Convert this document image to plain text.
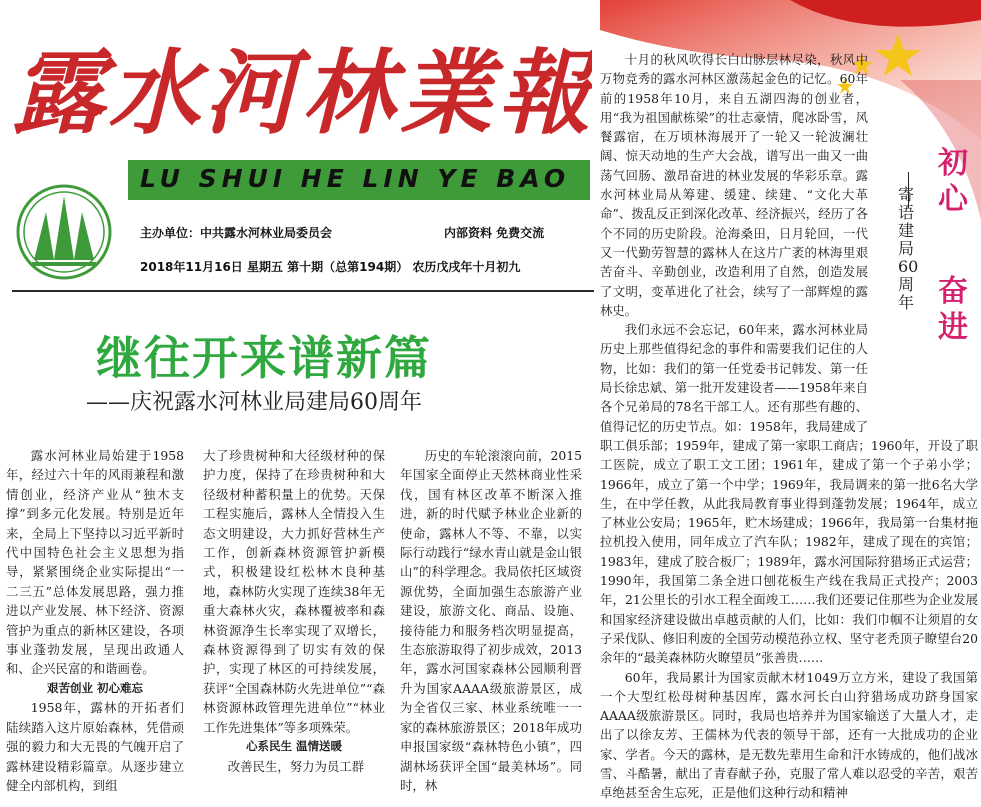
露 水 河 林 業 報
LU SHUI HE LIN YE BAO
主办单位：中共露水河林业局委员会	内部资料 免费交流
2018年11月16日 星期五 第十期（总第194期） 农历戊戌年十月初九
继往开来谱新篇
——庆祝露水河林业局建局60周年

露水河林业局始建于1958年，经过六十年的风雨兼程和激情创业，经济产业从“独木支撑”到多元化发展。特别是近年来，全局上下坚持以习近平新时代中国特色社会主义思想为指导，紧紧围绕企业实际提出“一二三五”总体发展思路，强力推进以产业发展、林下经济、资源管护为重点的新林区建设，各项事业蓬勃发展，呈现出政通人和、企兴民富的和谐画卷。

艰苦创业 初心难忘

1958年，露林的开拓者们陆续踏入这片原始森林，凭借顽强的毅力和大无畏的气魄开启了露林建设精彩篇章。从逐步建立健全内部机构，到组

大了珍贵树种和大径级材种的保护力度，保持了在珍贵树种和大径级材种蓄积量上的优势。天保工程实施后，露林人全情投入生态文明建设，大力抓好营林生产工作，创新森林资源管护新模式，积极建设红松林木良种基地，森林防火实现了连续38年无重大森林火灾，森林覆被率和森林资源净生长率实现了双增长，森林资源得到了切实有效的保护，实现了林区的可持续发展，获评“全国森林防火先进单位”“森林资源林政管理先进单位”“林业工作先进集体”等多项殊荣。

心系民生 温情送暖

改善民生，努力为员工群

历史的车轮滚滚向前，2015年国家全面停止天然林商业性采伐，国有林区改革不断深入推进，新的时代赋予林业企业新的使命，露林人不等、不靠，以实际行动践行“绿水青山就是金山银山”的科学理念。我局依托区域资源优势，全面加强生态旅游产业建设，旅游文化、商品、设施、接待能力和服务档次明显提高，生态旅游取得了初步成效，2013年，露水河国家森林公园顺利晋升为国家AAAA级旅游景区，成为全省仅三家、林业系统唯一一家的森林旅游景区；2018年成功申报国家级“森林特色小镇”，四湖林场获评全国“最美林场”。同时，林

初
心
奋
进
寄语建局60周年

十月的秋风吹得长白山脉层林尽染，秋风中万物竞秀的露水河林区激荡起金色的记忆。60年前的1958年10月，来自五湖四海的创业者，用“我为祖国献栋梁”的壮志豪情，爬冰卧雪，风餐露宿，在万顷林海展开了一轮又一轮波澜壮阔、惊天动地的生产大会战，谱写出一曲又一曲荡气回肠、激昂奋进的林业发展的华彩乐章。露水河林业局从筹建、缓建、续建、“文化大革命”、拨乱反正到深化改革、经济振兴，经历了各个不同的历史阶段。沧海桑田，日月轮回，一代又一代勤劳智慧的露林人在这片广袤的林海里艰苦奋斗、辛勤创业，改造利用了自然，创造发展了文明，变革进化了社会，续写了一部辉煌的露林史。

我们永远不会忘记，60年来，露水河林业局历史上那些值得纪念的事件和需要我们记住的人物，比如：我们的第一任党委书记韩发、第一任局长徐忠斌、第一批开发建设者——1958年来自各个兄弟局的78名干部工人。还有那些有趣的、值得记忆的历史节点。如：1958年，我局建成了职工俱乐部；1959年，建成了第一家职工商店；1960年，开设了职工医院，成立了职工文工团；1961年，建成了第一个子弟小学；1966年，成立了第一个中学；1969年，我局调来的第一批6名大学生，在中学任教，从此我局教育事业得到蓬勃发展；1964年，成立了林业公安局；1965年，贮木场建成；1966年，我局第一台集材拖拉机投入使用，同年成立了汽车队；1982年，建成了现在的宾馆；1983年，建成了胶合板厂；1989年，露水河国际狩猎场正式运营；1990年，我国第二条全进口刨花板生产线在我局正式投产；2003年，21公里长的引水工程全面竣工……我们还要记住那些为企业发展和国家经济建设做出卓越贡献的人们，比如：我们巾帼不让须眉的女子采伐队、修旧利废的全国劳动模范孙立权、坚守老秃顶子瞭望台20余年的“最美森林防火瞭望员”张善贵……

60年，我局累计为国家贡献木材1049万立方米，建设了我国第一个大型红松母树种基因库，露水河长白山狩猎场成功跻身国家AAAA级旅游景区。同时，我局也培养并为国家输送了大量人才，走出了以徐友芳、王儒林为代表的领导干部，还有一大批成功的企业家、学者。今天的露林，是无数先辈用生命和汗水铸成的，他们战冰雪、斗酷暑，献出了青春献子孙，克服了常人难以忍受的辛苦，艰苦卓绝甚至舍生忘死，正是他们这种行动和精神
